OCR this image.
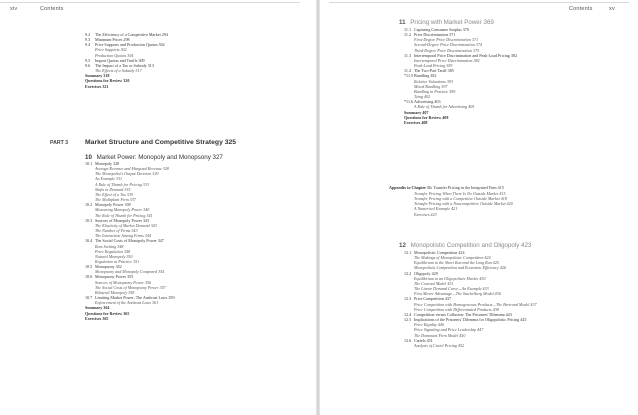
xiv	Contents
9.2	The Efficiency of a Competitive Market 294
9.3	Minimum Prices 298
9.4	Price Supports and Production Quotas 302
Price Supports 302
Production Quotas 304
9.5	Import Quotas and Tariffs 309
9.6	The Impact of a Tax or Subsidy 313
The Effects of a Subsidy 317
Summary 318
Questions for Review 320
Exercises 321
PART 3 Market Structure and Competitive Strategy 325
10 Market Power: Monopoly and Monopsony 327
10.1 Monopoly 328
Average Revenue and Marginal Revenue 328
The Monopolist's Output Decision 329
An Example 331
A Rule of Thumb for Pricing 333
Shifts in Demand 335
The Effect of a Tax 335
The Multiplant Firm 337
10.2 Monopoly Power 339
Measuring Monopoly Power 340
The Rule of Thumb for Pricing 341
10.3 Sources of Monopoly Power 343
The Elasticity of Market Demand 343
The Number of Firms 343
The Interaction Among Firms 344
10.4 The Social Costs of Monopoly Power 347
Rent Seeking 348
Price Regulation 348
Natural Monopoly 350
Regulation in Practice 351
10.5 Monopsony 352
Monopsony and Monopoly Compared 354
10.6 Monopsony Power 355
Sources of Monopsony Power 356
The Social Costs of Monopsony Power 357
Bilateral Monopoly 358
10.7 Limiting Market Power: The Antitrust Laws 359
Enforcement of the Antitrust Laws 361
Summary 364
Questions for Review 365
Exercises 365
Contents	xv
11 Pricing with Market Power 369
11.1 Capturing Consumer Surplus 370
11.2 Price Discrimination 371
First-Degree Price Discrimination 371
Second-Degree Price Discrimination 374
Third-Degree Price Discrimination 375
11.3 Intertemporal Price Discrimination and Peak-Load Pricing 382
Intertemporal Price Discrimination 382
Peak-Load Pricing 383
11.4 The Two-Part Tariff 385
*11.5 Bundling 392
Relative Valuations 393
Mixed Bundling 397
Bundling in Practice 399
Tying 402
*11.6 Advertising 403
A Rule of Thumb for Advertising 405
Summary 407
Questions for Review 408
Exercises 408
Appendix to Chapter 11: Transfer Pricing in the Integrated Firm 415
Transfer Pricing When There Is No Outside Market 415
Transfer Pricing with a Competitive Outside Market 418
Transfer Pricing with a Noncompetitive Outside Market 420
A Numerical Example 421
Exercises 423
12 Monopolistic Competition and Oligopoly 423
12.1 Monopolistic Competition 424
The Makings of Monopolistic Competition 424
Equilibrium in the Short Run and the Long Run 425
Monopolistic Competition and Economic Efficiency 426
12.2 Oligopoly 429
Equilibrium in an Oligopolistic Market 430
The Cournot Model 431
The Linear Demand Curve—An Example 433
First Mover Advantage—The Stackelberg Model 436
12.3 Price Competition 437
Price Competition with Homogeneous Products—The Bertrand Model 437
Price Competition with Differentiated Products 438
12.4 Competition versus Collusion: The Prisoners' Dilemma 443
12.5 Implications of the Prisoners' Dilemma for Oligopolistic Pricing 445
Price Rigidity 446
Price Signaling and Price Leadership 447
The Dominant Firm Model 450
12.6 Cartels 451
Analysis of Cartel Pricing 452
